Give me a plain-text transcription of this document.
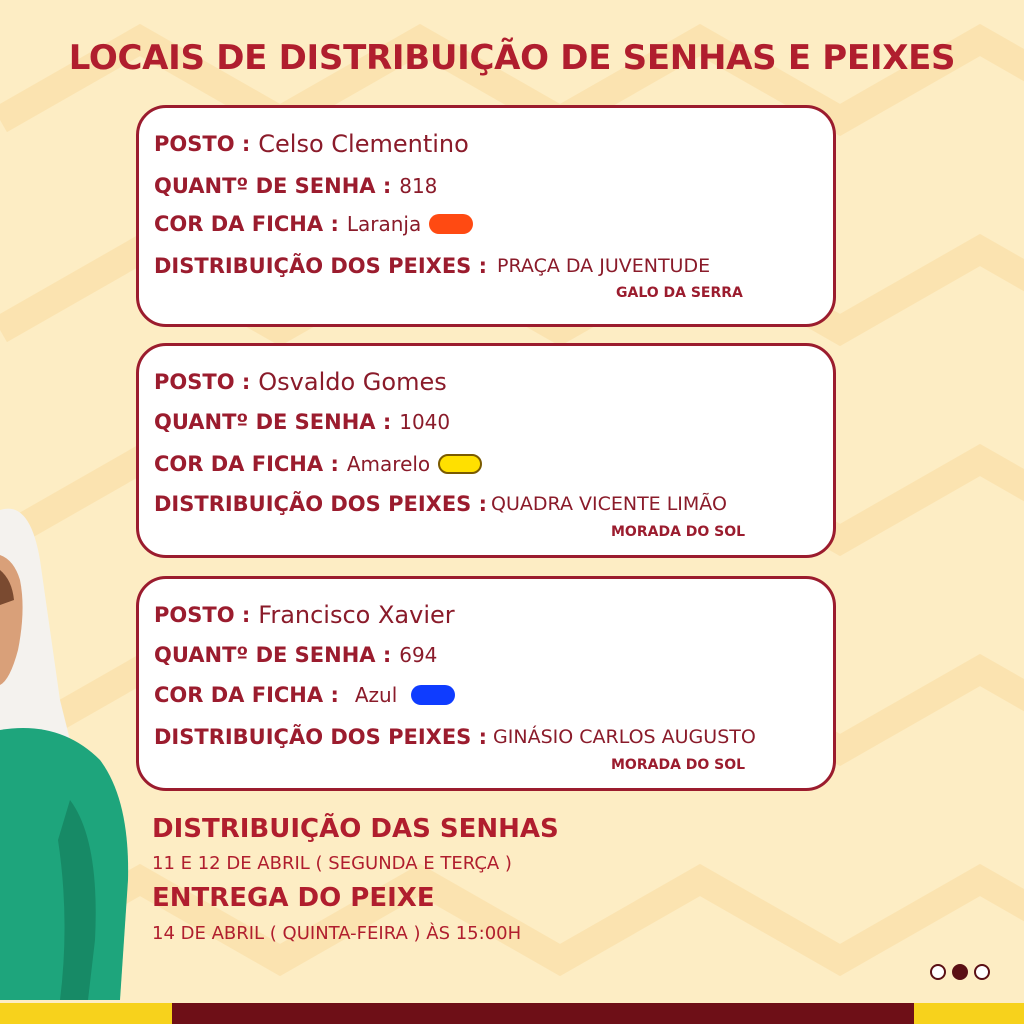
LOCAIS DE DISTRIBUIÇÃO DE SENHAS E PEIXES
POSTO : Celso Clementino
QUANTº DE SENHA : 818
COR DA FICHA : Laranja
DISTRIBUIÇÃO DOS PEIXES : PRAÇA DA JUVENTUDE
GALO DA SERRA
POSTO : Osvaldo Gomes
QUANTº DE SENHA : 1040
COR DA FICHA : Amarelo
DISTRIBUIÇÃO DOS PEIXES : QUADRA VICENTE LIMÃO
MORADA DO SOL
POSTO : Francisco Xavier
QUANTº DE SENHA : 694
COR DA FICHA : Azul
DISTRIBUIÇÃO DOS PEIXES : GINÁSIO CARLOS AUGUSTO
MORADA DO SOL
DISTRIBUIÇÃO DAS SENHAS
11 E 12 DE ABRIL ( SEGUNDA E TERÇA )
ENTREGA DO PEIXE
14 DE ABRIL ( QUINTA-FEIRA ) ÀS 15:00H
